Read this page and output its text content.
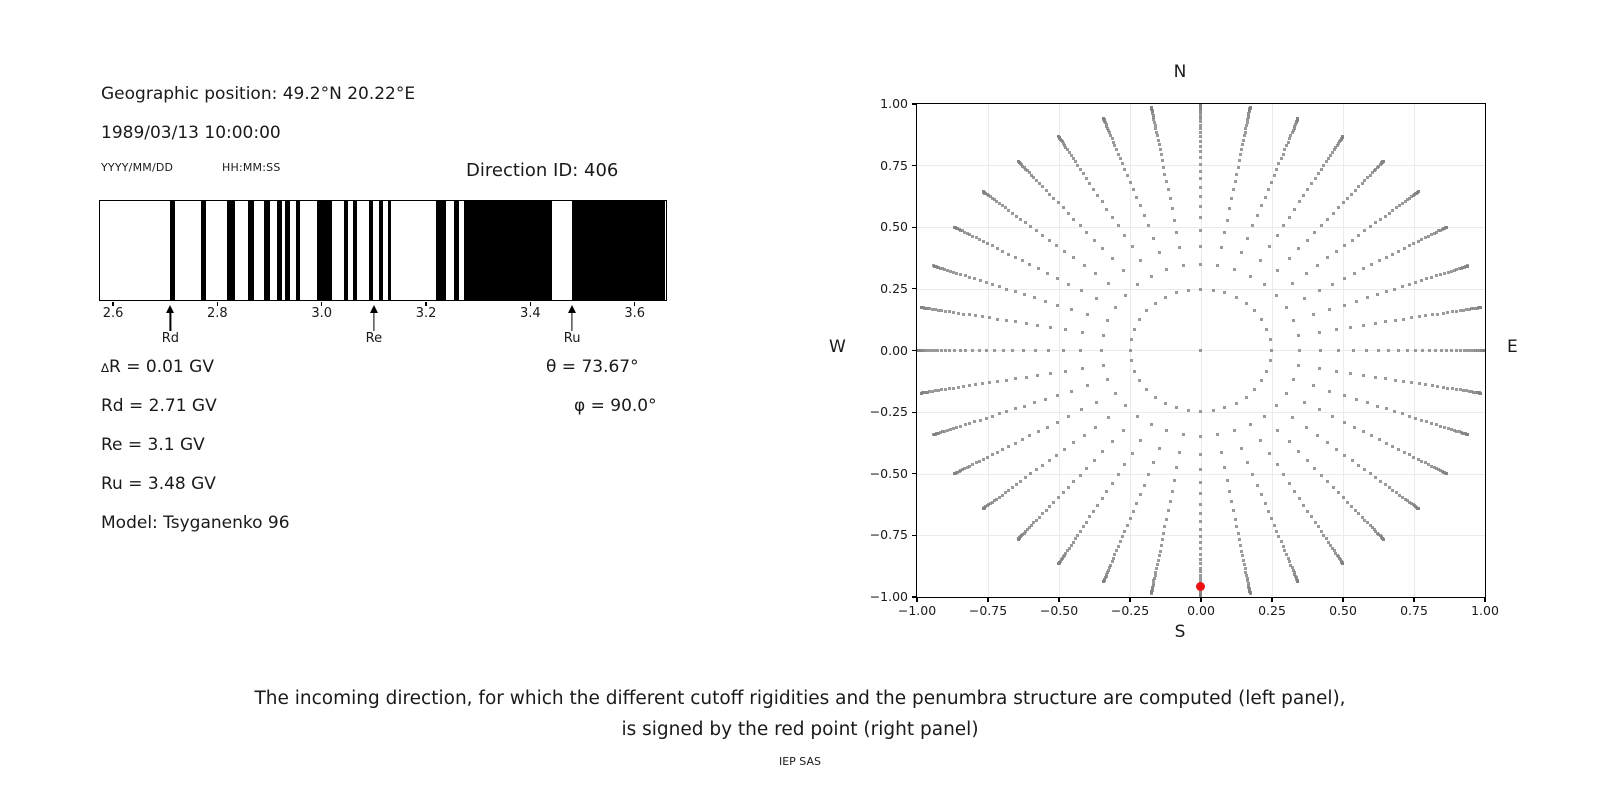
Geographic position: 49.2°N 20.22°E
1989/03/13 10:00:00
YYYY/MM/DD	HH:MM:SS	Direction ID: 406
∆R = 0.01 GV
Rd = 2.71 GV
Re = 3.1 GV
Ru = 3.48 GV
Model: Tsyganenko 96
θ = 73.67°
φ = 90.0°
N
S
W	E
The incoming direction, for which the different cutoff rigidities and the penumbra structure are computed (left panel),
is signed by the red point (right panel)
IEP SAS
2.6	2.8	3.0	3.2	3.4	3.6
Rd	Re	Ru
−1.00	−0.75	−0.50	−0.25	0.00	0.25	0.50	0.75	1.00
1.00
0.75
0.50
0.25
0.00
−0.25
−0.50
−0.75
−1.00
